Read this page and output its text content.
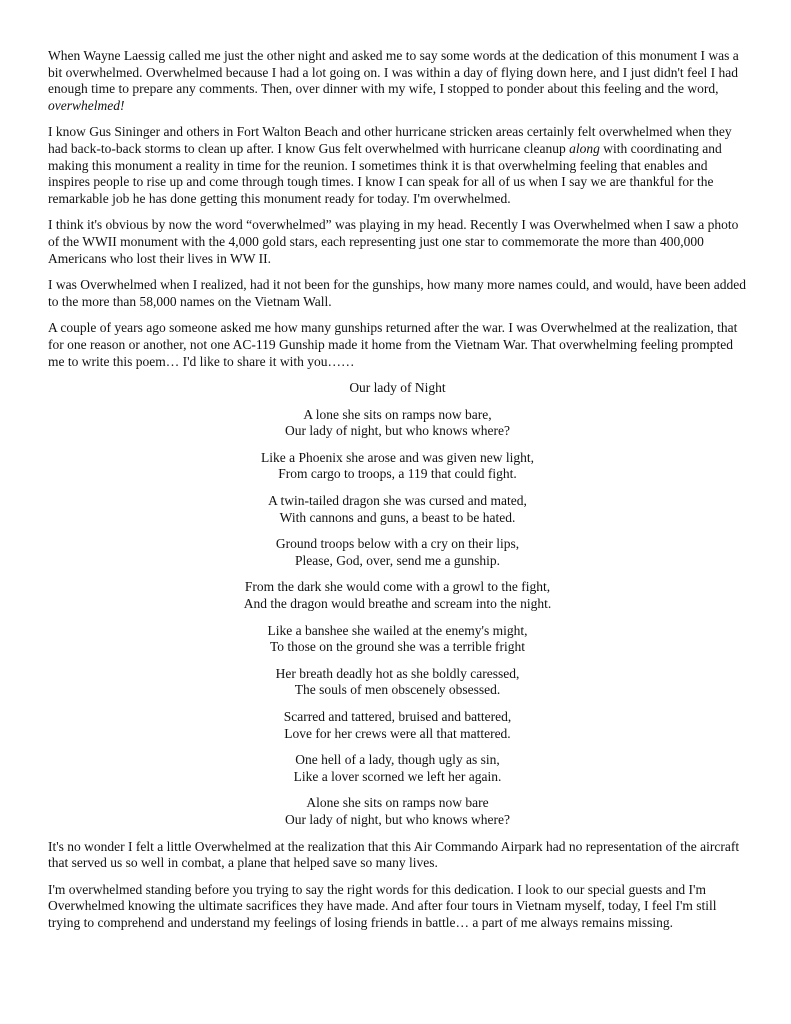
When Wayne Laessig called me just the other night and asked me to say some words at the dedication of this monument I was a bit overwhelmed. Overwhelmed because I had a lot going on. I was within a day of flying down here, and I just didn't feel I had enough time to prepare any comments. Then, over dinner with my wife, I stopped to ponder about this feeling and the word, overwhelmed!

I know Gus Sininger and others in Fort Walton Beach and other hurricane stricken areas certainly felt overwhelmed when they had back-to-back storms to clean up after. I know Gus felt overwhelmed with hurricane cleanup along with coordinating and making this monument a reality in time for the reunion. I sometimes think it is that overwhelming feeling that enables and inspires people to rise up and come through tough times. I know I can speak for all of us when I say we are thankful for the remarkable job he has done getting this monument ready for today. I'm overwhelmed.

I think it's obvious by now the word “overwhelmed” was playing in my head. Recently I was Overwhelmed when I saw a photo of the WWII monument with the 4,000 gold stars, each representing just one star to commemorate the more than 400,000 Americans who lost their lives in WW II.

I was Overwhelmed when I realized, had it not been for the gunships, how many more names could, and would, have been added to the more than 58,000 names on the Vietnam Wall.

A couple of years ago someone asked me how many gunships returned after the war. I was Overwhelmed at the realization, that for one reason or another, not one AC-119 Gunship made it home from the Vietnam War. That overwhelming feeling prompted me to write this poem… I'd like to share it with you……

Our lady of Night

A lone she sits on ramps now bare,
Our lady of night, but who knows where?

Like a Phoenix she arose and was given new light,
From cargo to troops, a 119 that could fight.

A twin-tailed dragon she was cursed and mated,
With cannons and guns, a beast to be hated.

Ground troops below with a cry on their lips,
Please, God, over, send me a gunship.

From the dark she would come with a growl to the fight,
And the dragon would breathe and scream into the night.

Like a banshee she wailed at the enemy's might,
To those on the ground she was a terrible fright

Her breath deadly hot as she boldly caressed,
The souls of men obscenely obsessed.

Scarred and tattered, bruised and battered,
Love for her crews were all that mattered.

One hell of a lady, though ugly as sin,
Like a lover scorned we left her again.

Alone she sits on ramps now bare
Our lady of night, but who knows where?

It's no wonder I felt a little Overwhelmed at the realization that this Air Commando Airpark had no representation of the aircraft that served us so well in combat, a plane that helped save so many lives.

I'm overwhelmed standing before you trying to say the right words for this dedication. I look to our special guests and I'm Overwhelmed knowing the ultimate sacrifices they have made. And after four tours in Vietnam myself, today, I feel I'm still trying to comprehend and understand my feelings of losing friends in battle… a part of me always remains missing.
